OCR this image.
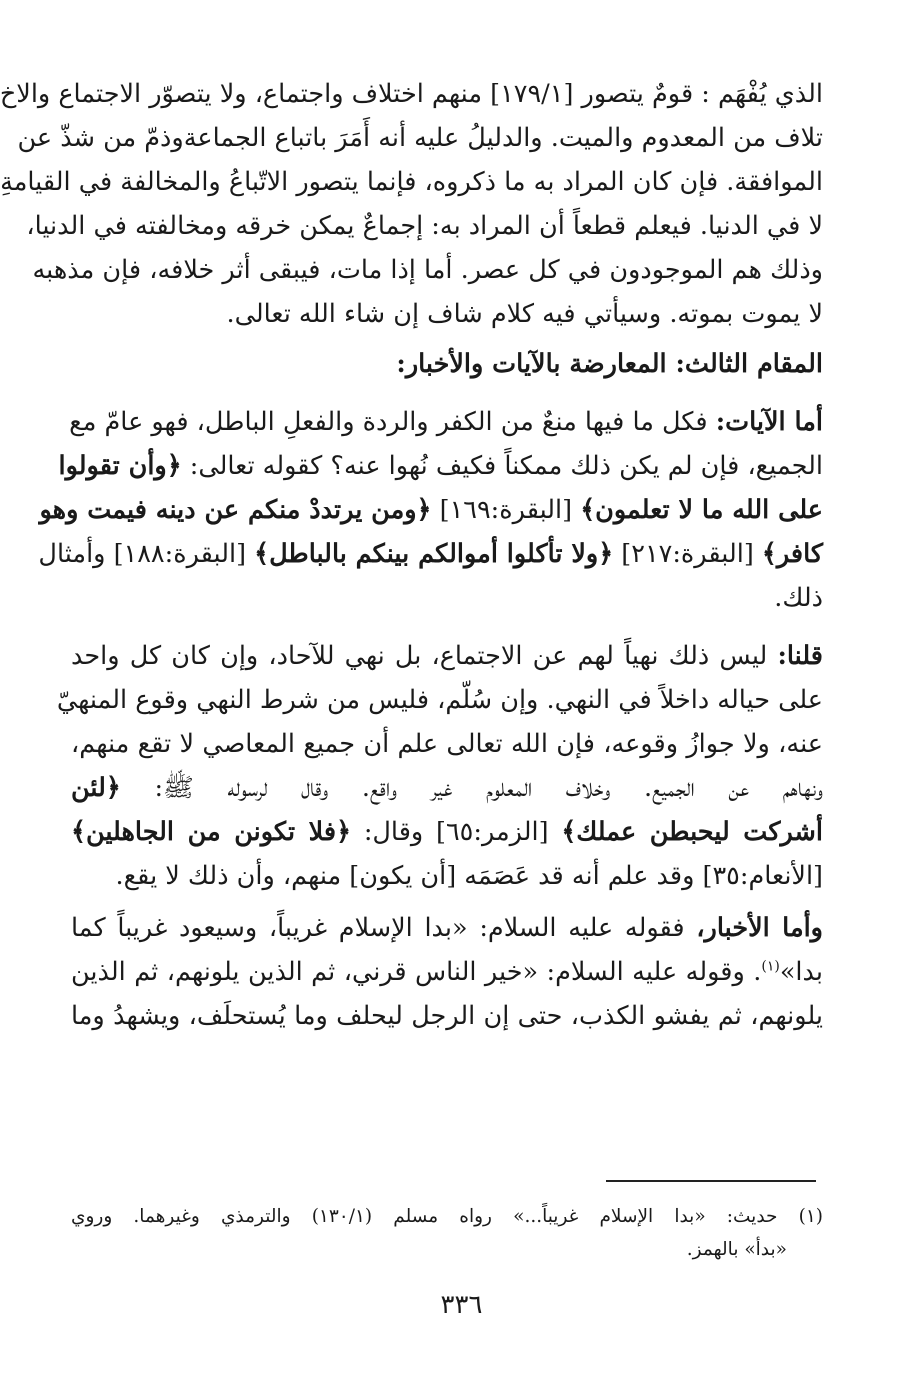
الذي يُفْهَم : قومٌ يتصور [١٧٩/١] منهم اختلاف واجتماع، ولا يتصوّر الاجتماع والاخ
تلاف من المعدوم والميت. والدليلُ عليه أنه أَمَرَ باتباع الجماعةوذمّ من شذّ عن
الموافقة. فإن كان المراد به ما ذكروه، فإنما يتصور الاتّباعُ والمخالفة في القيامةِ
لا في الدنيا. فيعلم قطعاً أن المراد به: إجماعٌ يمكن خرقه ومخالفته في الدنيا،
وذلك هم الموجودون في كل عصر. أما إذا مات، فيبقى أثر خلافه، فإن مذهبه
لا يموت بموته. وسيأتي فيه كلام شاف إن شاء الله تعالى.
المقام الثالث: المعارضة بالآيات والأخبار:
أما الآيات: فكل ما فيها منعٌ من الكفر والردة والفعلِ الباطل، فهو عامّ مع
الجميع، فإن لم يكن ذلك ممكناً فكيف نُهوا عنه؟ كقوله تعالى: ﴿وأن تقولوا
على الله ما لا تعلمون﴾ [البقرة:١٦٩] ﴿ومن يرتددْ منكم عن دينه فيمت وهو
كافر﴾ [البقرة:٢١٧] ﴿ولا تأكلوا أموالكم بينكم بالباطل﴾ [البقرة:١٨٨] وأمثال
ذلك.
قلنا: ليس ذلك نهياً لهم عن الاجتماع، بل نهي للآحاد، وإن كان كل واحد
على حياله داخلاً في النهي. وإن سُلّم، فليس من شرط النهي وقوع المنهيّ
عنه، ولا جوازُ وقوعه، فإن الله تعالى علم أن جميع المعاصي لا تقع منهم،
ونهاهم عن الجميع. وخلاف المعلوم غير واقع. وقال لرسوله ﷺ: ﴿لئن
أشركت ليحبطن عملك﴾ [الزمر:٦٥] وقال: ﴿فلا تكونن من الجاهلين﴾
[الأنعام:٣٥] وقد علم أنه قد عَصَمَه [أن يكون] منهم، وأن ذلك لا يقع.
وأما الأخبار، فقوله عليه السلام: «بدا الإسلام غريباً، وسيعود غريباً كما
بدا»$^{(١)}$. وقوله عليه السلام: «خير الناس قرني، ثم الذين يلونهم، ثم الذين
يلونهم، ثم يفشو الكذب، حتى إن الرجل ليحلف وما يُستحلَف، ويشهدُ وما
(١) حديث: «بدا الإسلام غريباً...» رواه مسلم (١٣٠/١) والترمذي وغيرهما. وروي
«بدأ» بالهمز.
٣٣٦
